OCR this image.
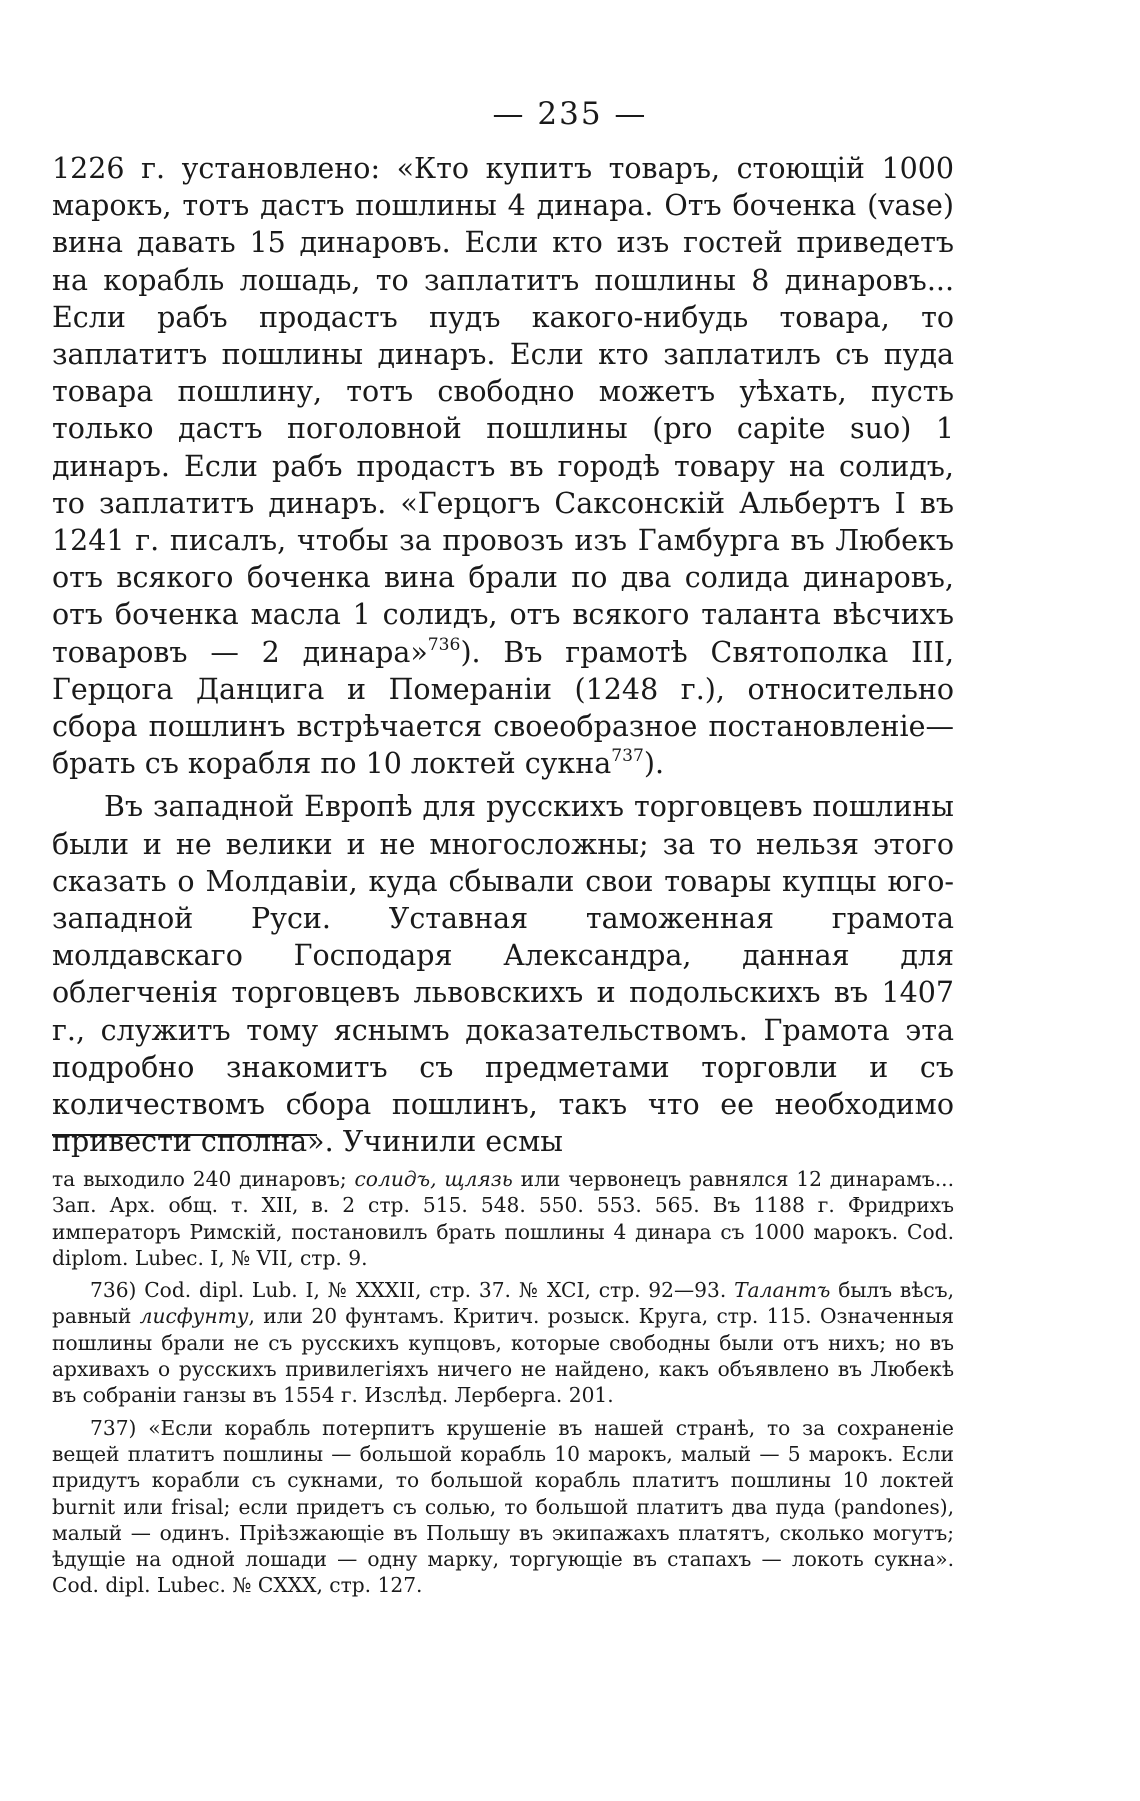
— 235 —

1226 г. установлено: «Кто купитъ товаръ, стоющій 1000 марокъ, тотъ дастъ пошлины 4 динара. Отъ боченка (vase) вина давать 15 динаровъ. Если кто изъ гостей приведетъ на корабль лошадь, то заплатитъ пошлины 8 динаровъ... Если рабъ продастъ пудъ какого-нибудь товара, то заплатитъ пошлины динаръ. Если кто заплатилъ съ пуда товара пошлину, тотъ свободно можетъ уѣхать, пусть только дастъ поголовной пошлины (pro capite suo) 1 динаръ. Если рабъ продастъ въ городѣ товару на солидъ, то заплатитъ динаръ. «Герцогъ Саксонскій Альбертъ I въ 1241 г. писалъ, чтобы за провозъ изъ Гамбурга въ Любекъ отъ всякого боченка вина брали по два солида динаровъ, отъ боченка масла 1 солидъ, отъ всякого таланта вѣсчихъ товаровъ — 2 динара»$^{736}$). Въ грамотѣ Святополка III, Герцога Данцига и Помераніи (1248 г.), относительно сбора пошлинъ встрѣчается своеобразное постановленіе—брать съ корабля по 10 локтей сукна$^{737}$).

Въ западной Европѣ для русскихъ торговцевъ пошлины были и не велики и не многосложны; за то нельзя этого сказать о Молдавіи, куда сбывали свои товары купцы юго-западной Руси. Уставная таможенная грамота молдавскаго Господаря Александра, данная для облегченія торговцевъ львовскихъ и подольскихъ въ 1407 г., служитъ тому яснымъ доказательствомъ. Грамота эта подробно знакомитъ съ предметами торговли и съ количествомъ сбора пошлинъ, такъ что ее необходимо привести сполна». Учинили есмы

та выходило 240 динаровъ; солидъ, щлязь или червонецъ равнялся 12 динарамъ... Зап. Арх. общ. т. XII, в. 2 стр. 515. 548. 550. 553. 565. Въ 1188 г. Фридрихъ императоръ Римскій, постановилъ брать пошлины 4 динара съ 1000 марокъ. Cod. diplom. Lubec. I, № VII, стр. 9.

736) Cod. dipl. Lub. I, № XXXII, стр. 37. № XCI, стр. 92—93. Талантъ былъ вѣсъ, равный лисфунту, или 20 фунтамъ. Критич. розыск. Круга, стр. 115. Означенныя пошлины брали не съ русскихъ купцовъ, которые свободны были отъ нихъ; но въ архивахъ о русскихъ привилегіяхъ ничего не найдено, какъ объявлено въ Любекѣ въ собраніи ганзы въ 1554 г. Изслѣд. Лерберга. 201.

737) «Если корабль потерпитъ крушеніе въ нашей странѣ, то за сохраненіе вещей платитъ пошлины — большой корабль 10 марокъ, малый — 5 марокъ. Если придутъ корабли съ сукнами, то большой корабль платитъ пошлины 10 локтей burnit или frisal; если придетъ съ солью, то большой платитъ два пуда (pandones), малый — одинъ. Пріѣзжающіе въ Польшу въ экипажахъ платятъ, сколько могутъ; ѣдущіе на одной лошади — одну марку, торгующіе въ стапахъ — локоть сукна». Cod. dipl. Lubec. № CXXX, стр. 127.
